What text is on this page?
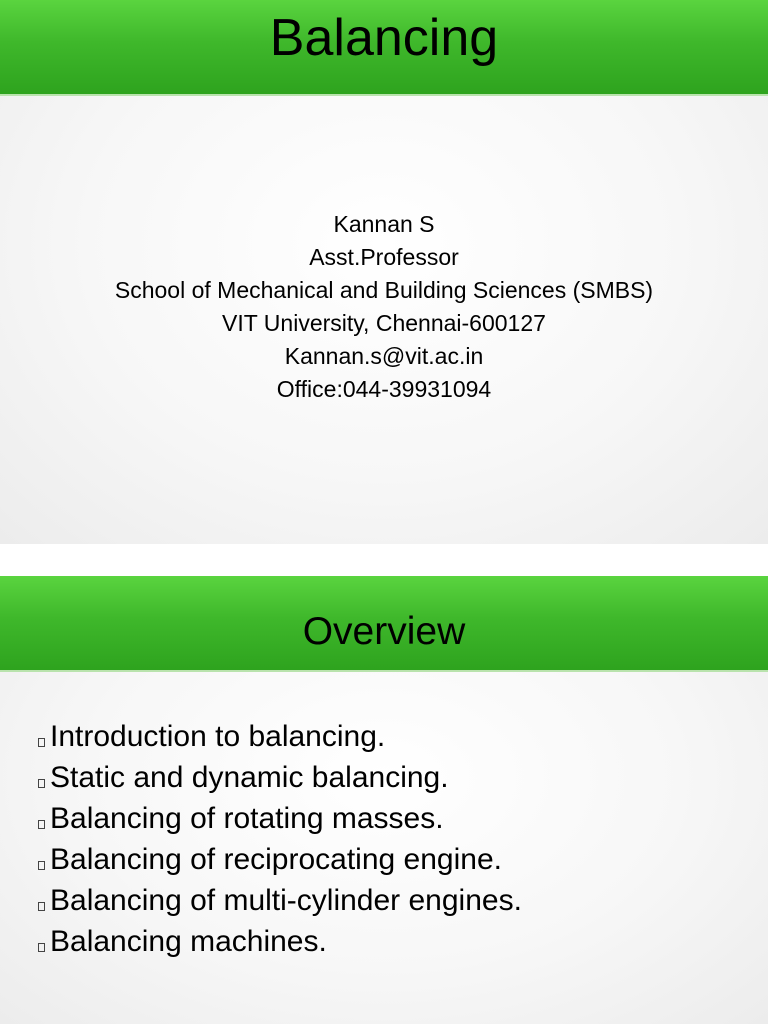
Balancing
Kannan S
Asst.Professor
School of Mechanical and Building Sciences (SMBS)
VIT University, Chennai-600127
Kannan.s@vit.ac.in
Office:044-39931094
Overview
Introduction to balancing.
Static and dynamic balancing.
Balancing of rotating masses.
Balancing of reciprocating engine.
Balancing of multi-cylinder engines.
Balancing machines.
